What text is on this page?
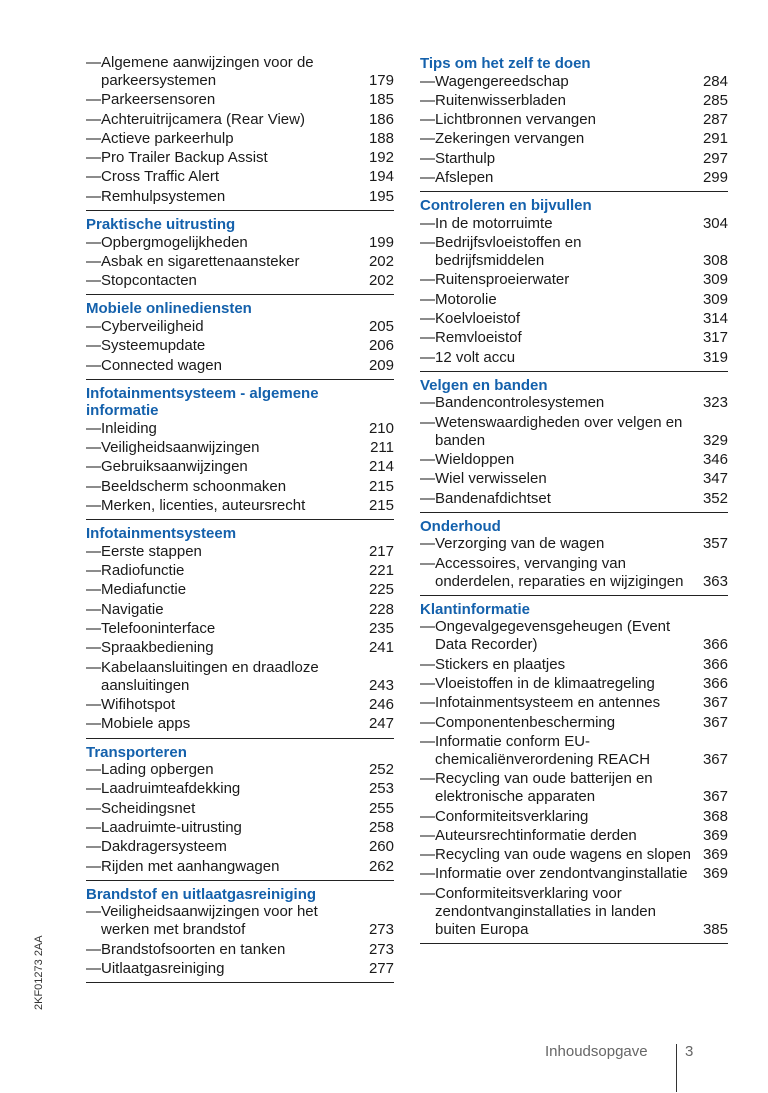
— Algemene aanwijzingen voor de parkeersystemen	179
— Parkeersensoren	185
— Achteruitrijcamera (Rear View)	186
— Actieve parkeerhulp	188
— Pro Trailer Backup Assist	192
— Cross Traffic Alert	194
— Remhulpsystemen	195
Praktische uitrusting
— Opbergmogelijkheden	199
— Asbak en sigarettenaansteker	202
— Stopcontacten	202
Mobiele onlinediensten
— Cyberveiligheid	205
— Systeemupdate	206
— Connected wagen	209
Infotainmentsysteem - algemene informatie
— Inleiding	210
— Veiligheidsaanwijzingen	211
— Gebruiksaanwijzingen	214
— Beeldscherm schoonmaken	215
— Merken, licenties, auteursrecht	215
Infotainmentsysteem
— Eerste stappen	217
— Radiofunctie	221
— Mediafunctie	225
— Navigatie	228
— Telefooninterface	235
— Spraakbediening	241
— Kabelaansluitingen en draadloze aansluitingen	243
— Wifihotspot	246
— Mobiele apps	247
Transporteren
— Lading opbergen	252
— Laadruimteafdekking	253
— Scheidingsnet	255
— Laadruimte-uitrusting	258
— Dakdragersysteem	260
— Rijden met aanhangwagen	262
Brandstof en uitlaatgasreiniging
— Veiligheidsaanwijzingen voor het werken met brandstof	273
— Brandstofsoorten en tanken	273
— Uitlaatgasreiniging	277
Tips om het zelf te doen
— Wagengereedschap	284
— Ruitenwisserbladen	285
— Lichtbronnen vervangen	287
— Zekeringen vervangen	291
— Starthulp	297
— Afslepen	299
Controleren en bijvullen
— In de motorruimte	304
— Bedrijfsvloeistoffen en bedrijfsmiddelen	308
— Ruitensproeierwater	309
— Motorolie	309
— Koelvloeistof	314
— Remvloeistof	317
— 12 volt accu	319
Velgen en banden
— Bandencontrolesystemen	323
— Wetenswaardigheden over velgen en banden	329
— Wieldoppen	346
— Wiel verwisselen	347
— Bandenafdichtset	352
Onderhoud
— Verzorging van de wagen	357
— Accessoires, vervanging van onderdelen, reparaties en wijzigingen 363
Klantinformatie
— Ongevalgegevensgeheugen (Event Data Recorder)	366
— Stickers en plaatjes	366
— Vloeistoffen in de klimaatregeling	366
— Infotainmentsysteem en antennes	367
— Componentenbescherming	367
— Informatie conform EU-chemicaliënverordening REACH	367
— Recycling van oude batterijen en elektronische apparaten	367
— Conformiteitsverklaring	368
— Auteursrechtinformatie derden	369
— Recycling van oude wagens en slopen 369
— Informatie over zendontvanginstallatie 369
— Conformiteitsverklaring voor zendontvanginstallaties in landen buiten Europa	385
2KF01273 2AA
Inhoudsopgave 3
